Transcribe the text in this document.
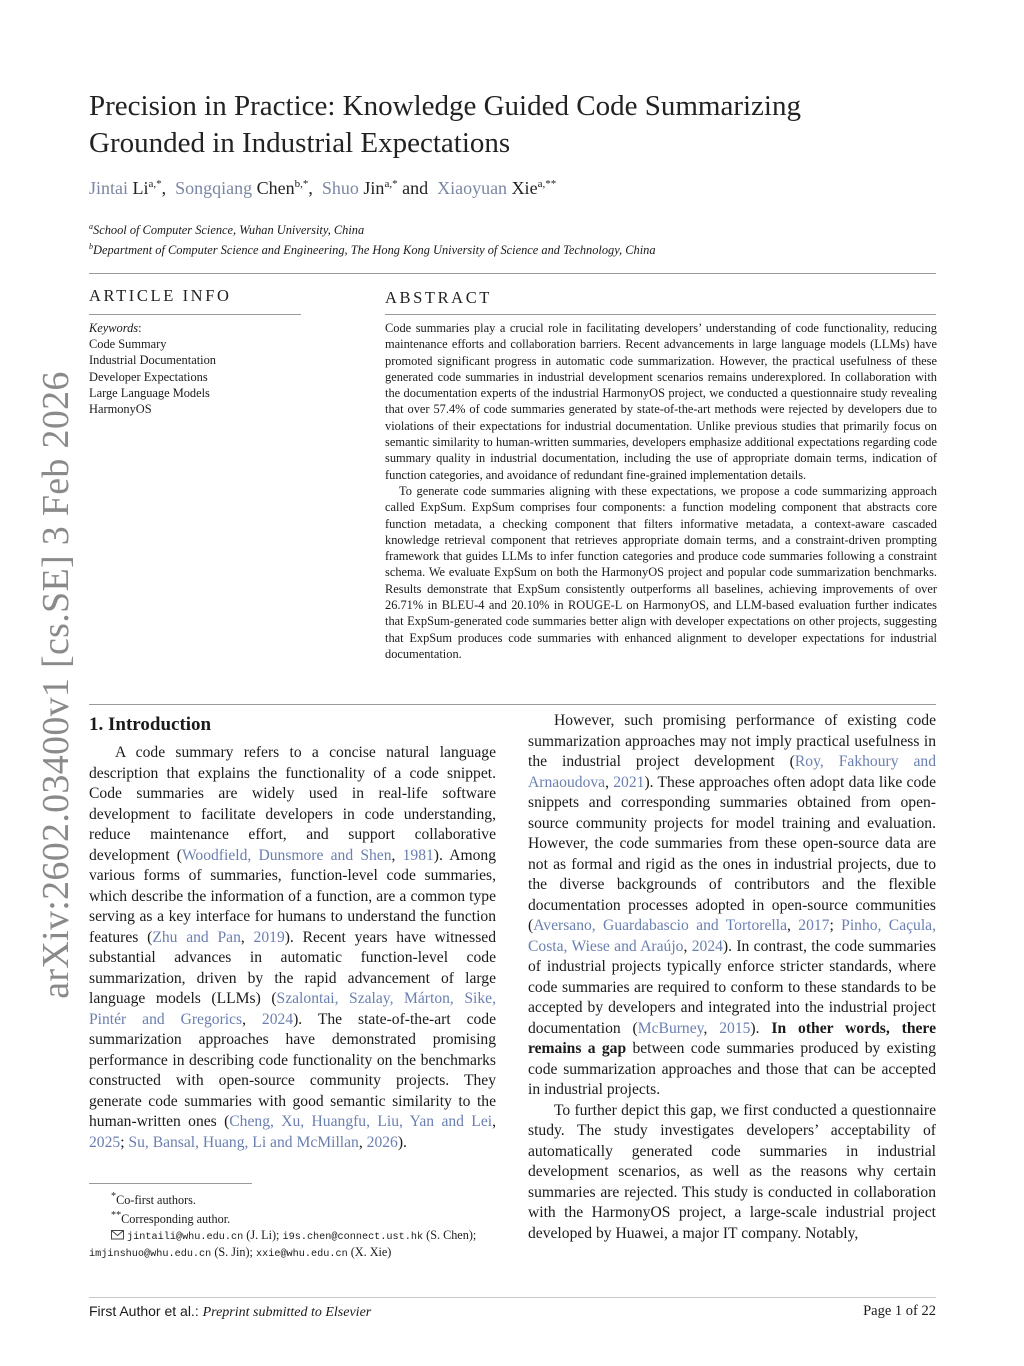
arXiv:2602.03400v1 [cs.SE] 3 Feb 2026
Precision in Practice: Knowledge Guided Code Summarizing
Grounded in Industrial Expectations
Jintai $Li^{a,*}$,  Songqiang Chen$^{b,*}$,  Shuo Jin$^{a,*}$ and  Xiaoyuan Xie$^{a,**}$
$^a$School of Computer Science, Wuhan University, China
$^b$Department of Computer Science and Engineering, The Hong Kong University of Science and Technology, China
ARTICLE INFO	ABSTRACT
Keywords:
Code Summary
Industrial Documentation
Developer Expectations
Large Language Models
HarmonyOS

Code summaries play a crucial role in facilitating developers’ understanding of code functionality, reducing maintenance efforts and collaboration barriers. Recent advancements in large language models (LLMs) have promoted significant progress in automatic code summarization. However, the practical usefulness of these generated code summaries in industrial development scenarios remains underexplored. In collaboration with the documentation experts of the industrial HarmonyOS project, we conducted a questionnaire study revealing that over 57.4% of code summaries generated by state-of-the-art methods were rejected by developers due to violations of their expectations for industrial documentation. Unlike previous studies that primarily focus on semantic similarity to human-written summaries, developers emphasize additional expectations regarding code summary quality in industrial documentation, including the use of appropriate domain terms, indication of function categories, and avoidance of redundant fine-grained implementation details.

To generate code summaries aligning with these expectations, we propose a code summarizing approach called ExpSum. ExpSum comprises four components: a function modeling component that abstracts core function metadata, a checking component that filters informative metadata, a context-aware cascaded knowledge retrieval component that retrieves appropriate domain terms, and a constraint-driven prompting framework that guides LLMs to infer function categories and produce code summaries following a constraint schema. We evaluate ExpSum on both the HarmonyOS project and popular code summarization benchmarks. Results demonstrate that ExpSum consistently outperforms all baselines, achieving improvements of over 26.71% in BLEU-4 and 20.10% in ROUGE-L on HarmonyOS, and LLM-based evaluation further indicates that ExpSum-generated code summaries better align with developer expectations on other projects, suggesting that ExpSum produces code summaries with enhanced alignment to developer expectations for industrial documentation.

1. Introduction

A code summary refers to a concise natural language description that explains the functionality of a code snippet. Code summaries are widely used in real-life software development to facilitate developers in code understanding, reduce maintenance effort, and support collaborative development (Woodfield, Dunsmore and Shen, 1981). Among various forms of summaries, function-level code summaries, which describe the information of a function, are a common type serving as a key interface for humans to understand the function features (Zhu and Pan, 2019). Recent years have witnessed substantial advances in automatic function-level code summarization, driven by the rapid advancement of large language models (LLMs) (Szalontai, Szalay, Márton, Sike, Pintér and Gregorics, 2024). The state-of-the-art code summarization approaches have demonstrated promising performance in describing code functionality on the benchmarks constructed with open-source community projects. They generate code summaries with good semantic similarity to the human-written ones (Cheng, Xu, Huangfu, Liu, Yan and Lei, 2025; Su, Bansal, Huang, Li and McMillan, 2026).

However, such promising performance of existing code summarization approaches may not imply practical usefulness in the industrial project development (Roy, Fakhoury and Arnaoudova, 2021). These approaches often adopt data like code snippets and corresponding summaries obtained from open-source community projects for model training and evaluation. However, the code summaries from these open-source data are not as formal and rigid as the ones in industrial projects, due to the diverse backgrounds of contributors and the flexible documentation processes adopted in open-source communities (Aversano, Guardabascio and Tortorella, 2017; Pinho, Caçula, Costa, Wiese and Araújo, 2024). In contrast, the code summaries of industrial projects typically enforce stricter standards, where code summaries are required to conform to these standards to be accepted by developers and integrated into the industrial project documentation (McBurney, 2015). In other words, there remains a gap between code summaries produced by existing code summarization approaches and those that can be accepted in industrial projects.

To further depict this gap, we first conducted a questionnaire study. The study investigates developers’ acceptability of automatically generated code summaries in industrial development scenarios, as well as the reasons why certain summaries are rejected. This study is conducted in collaboration with the HarmonyOS project, a large-scale industrial project developed by Huawei, a major IT company. Notably,

*Co-first authors.
**Corresponding author.
jintaili@whu.edu.cn (J. Li); i9s.chen@connect.ust.hk (S. Chen);
imjinshuo@whu.edu.cn (S. Jin); xxie@whu.edu.cn (X. Xie)
First Author et al.: Preprint submitted to Elsevier	Page 1 of 22
